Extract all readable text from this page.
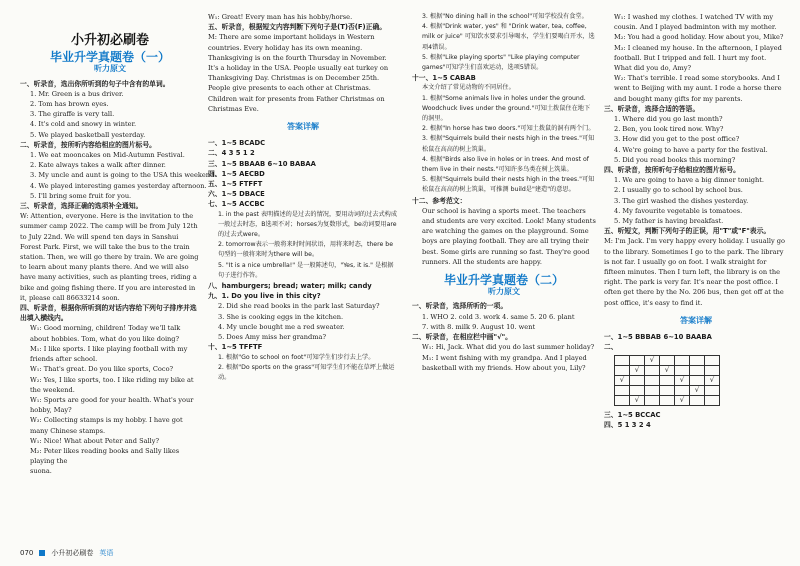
小升初必刷卷
毕业升学真题卷（一）
听力原文
一、听录音，选出你所听到的句子中含有的单词。
1. Mr. Green is a bus driver.
2. Tom has brown eyes.
3. The giraffe is very tall.
4. It's cold and snowy in winter.
5. We played basketball yesterday.
二、听录音，按所听内容给相应的图片标号。
1. We eat mooncakes on Mid-Autumn Festival.
2. Kate always takes a walk after dinner.
3. My uncle and aunt is going to the USA this weekend.
4. We played interesting games yesterday afternoon.
5. I'll bring some fruit for you.
三、听录音，选择正确的选项补全通知。
W: Attention, everyone. Here is the invitation to the summer camp 2022. The camp will be from July 12th to July 22nd. We will spend ten days in Sanshui Forest Park. First, we will take the bus to the train station. Then, we will go there by train. We are going to learn about many plants there. And we will also have many activities, such as planting trees, riding a bike and going fishing there. If you are interested in it, please call 86633214 soon.
四、听录音，根据你所听到的对话内容给下列句子排序并选出填入横线内。
W₁: Good morning, children! Today we'll talk about hobbies. Tom, what do you like doing?
M₁: I like sports. I like playing football with my friends after school.
W₁: That's great. Do you like sports, Coco?
W₂: Yes, I like sports, too. I like riding my bike at the weekend.
W₁: Sports are good for your health. What's your hobby, May?
W₃: Collecting stamps is my hobby. I have got many Chinese stamps.
W₁: Nice! What about Peter and Sally?
M₂: Peter likes reading books and Sally likes playing the
suona.
W₁: Great! Every man has his hobby/horse.
五、听录音，根据短文内容判断下列句子是(T)否(F)正确。
M: There are some important holidays in Western countries. Every holiday has its own meaning. Thanksgiving is on the fourth Thursday in November. It's a holiday in the USA. People usually eat turkey on Thanksgiving Day. Christmas is on December 25th. People give presents to each other at Christmas. Children wait for presents from Father Christmas on Christmas Eve.
答案详解
一、1~5 BCADC
二、4 3 5 1 2
三、1~5 BBAAB 6~10 BABAA
四、1~5 AECBD
五、1~5 FTFFT
六、1~5 DBACE
七、1~5 ACCBC
1. in the past 表明描述的是过去的情况，要用动词的过去式构成一般过去时态，B选项不对；horses为复数形式，be动词要用are的过去式were。
2. tomorrow表示一般将来时时间状语，用将来时态，there be句型的一般将来时为there will be。
5. "It is a nice umbrella!" 是一般陈述句，"Yes, it is." 是根据句子进行作答。
八、hamburgers; bread; water; milk; candy
九、1. Do you live in this city?
2. Did she read books in the park last Saturday?
3. She is cooking eggs in the kitchen.
4. My uncle bought me a red sweater.
5. Does Amy miss her grandma?
十、1~5 TFFTF
1. 根据"Go to school on foot"可知学生们步行去上学。
2. 根据"Do sports on the grass"可知学生们不能在草坪上做运动。
3. 根据"No dining hall in the school"可知学校没有食堂。
4. 根据"Drink water, yes" 和 "Drink water, tea, coffee, milk or juice" 可知饮水要求引导喝水，学生们要喝白开水，选项4错误。
5. 根据"Like playing sports" "Like playing computer games"可知学生们喜欢运动，选项5错误。
十一、1~5 CABAB
本文介绍了常见动物的不同居住。
1. 根据"Some animals live in holes under the ground. Woodchuck lives under the ground."可知土拨鼠住在地下的洞里。
2. 根据"In horse has two doors."可知土拨鼠的洞有两个门。
3. 根据"Squirrels build their nests high in the trees."可知松鼠在高高的树上筑巢。
4. 根据"Birds also live in holes or in trees. And most of them live in their nests."可知许多鸟类在树上筑巢。
5. 根据"Squirrels build their nests high in the trees."可知松鼠在高高的树上筑巢，可推测 build是"建造"的意思。
十二、参考范文：
Our school is having a sports meet. The teachers and students are very excited. Look! Many students are watching the games on the playground. Some boys are playing football. They are all trying their best. Some girls are running so fast. They're good runners. All the students are happy.
毕业升学真题卷（二）
听力原文
一、听录音，选择所听的一项。
1. WHO 2. cold 3. work 4. same 5. 20 6. plant
7. with 8. milk 9. August 10. went
二、听录音，在相应栏中画"√"。
W₁: Hi, Jack. What did you do last summer holiday?
M₁: I went fishing with my grandpa. And I played basketball with my friends. How about you, Lily?
W₁: I washed my clothes. I watched TV with my cousin. And I played badminton with my mother.
M₂: You had a good holiday. How about you, Mike?
M₃: I cleaned my house. In the afternoon, I played football. But I tripped and fell. I hurt my foot.
What did you do, Amy?
W₂: That's terrible. I read some storybooks. And I went to Beijing with my aunt. I rode a horse there and bought many gifts for my parents.
三、听录音，选择合适的答语。
1. Where did you go last month?
2. Ben, you look tired now. Why?
3. How did you get to the post office?
4. We're going to have a party for the festival.
5. Did you read books this morning?
四、听录音，按所听句子给相应的图片标号。
1. We are going to have a big dinner tonight.
2. I usually go to school by school bus.
3. The girl washed the dishes yesterday.
4. My favourite vegetable is tomatoes.
5. My father is having breakfast.
五、听短文，判断下列句子的正误，用"T"或"F"表示。
M: I'm Jack. I'm very happy every holiday. I usually go to the library. Sometimes I go to the park. The library is not far. I usually go on foot. I walk straight for fifteen minutes. Then I turn left, the library is on the right. The park is very far. It's near the post office. I often get there by the No. 206 bus, then get off at the post office, it's easy to find it.
答案详解
一、1~5 BBBAB 6~10 BAABA
二、
		√				
	√		√			
√				√		√
					√	
	√			√		
三、1~5 BCCAC
四、5 1 3 2 4
070	小升初必刷卷 英语
